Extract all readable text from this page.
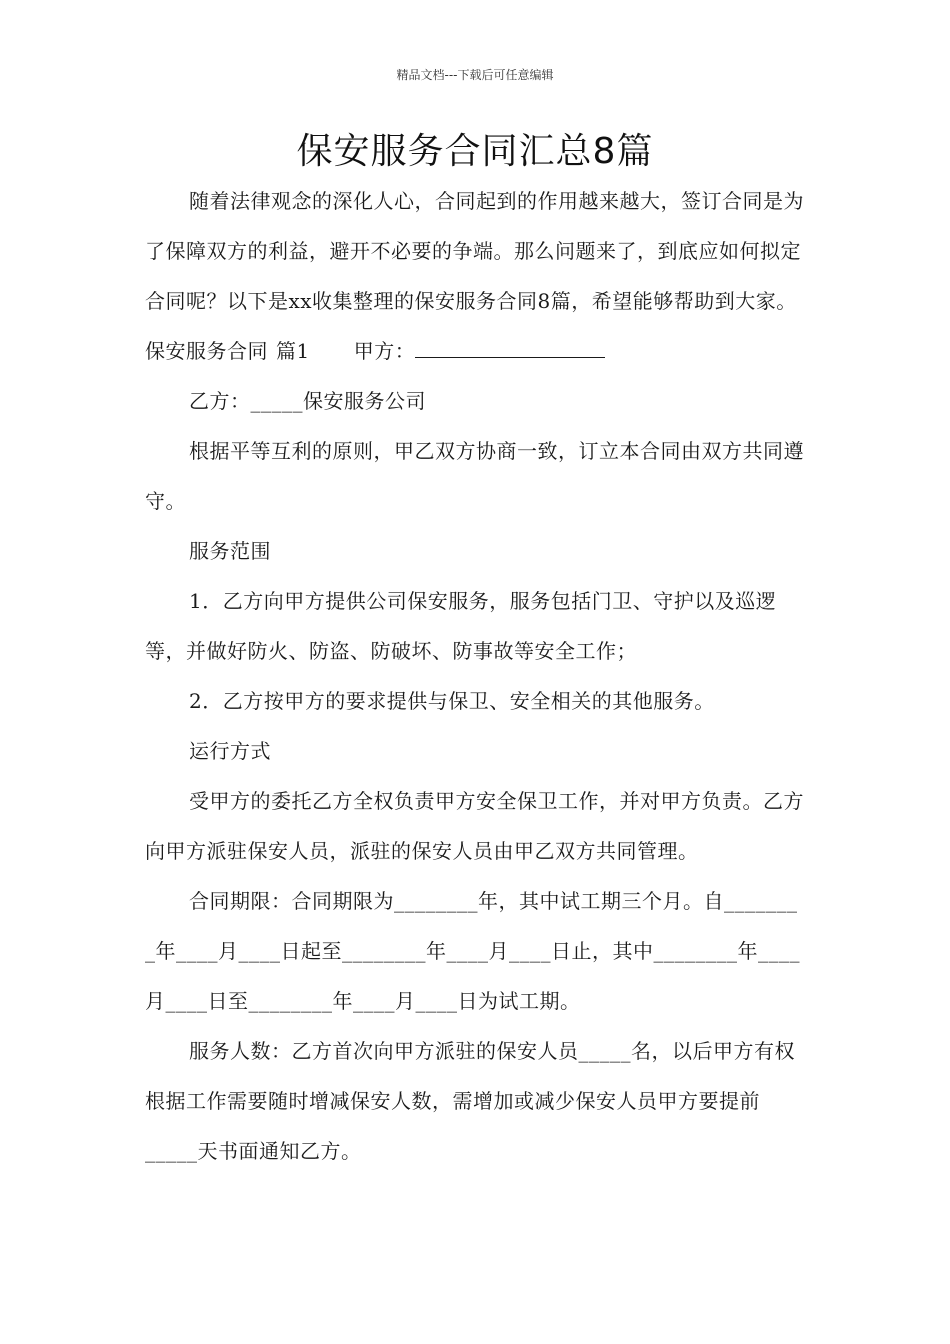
精品文档---下载后可任意编辑
保安服务合同汇总8篇

随着法律观念的深化人心，合同起到的作用越来越大，签订合同是为了保障双方的利益，避开不必要的争端。那么问题来了，到底应如何拟定合同呢？以下是xx收集整理的保安服务合同8篇，希望能够帮助到大家。

保安服务合同 篇1 甲方：

乙方：_____保安服务公司

根据平等互利的原则，甲乙双方协商一致，订立本合同由双方共同遵守。

服务范围

1．乙方向甲方提供公司保安服务，服务包括门卫、守护以及巡逻等，并做好防火、防盗、防破坏、防事故等安全工作；

2．乙方按甲方的要求提供与保卫、安全相关的其他服务。

运行方式

受甲方的委托乙方全权负责甲方安全保卫工作，并对甲方负责。乙方向甲方派驻保安人员，派驻的保安人员由甲乙双方共同管理。

合同期限：合同期限为________年，其中试工期三个月。自________年____月____日起至________年____月____日止，其中________年____月____日至________年____月____日为试工期。

服务人数：乙方首次向甲方派驻的保安人员_____名，以后甲方有权根据工作需要随时增减保安人数，需增加或减少保安人员甲方要提前_____天书面通知乙方。
